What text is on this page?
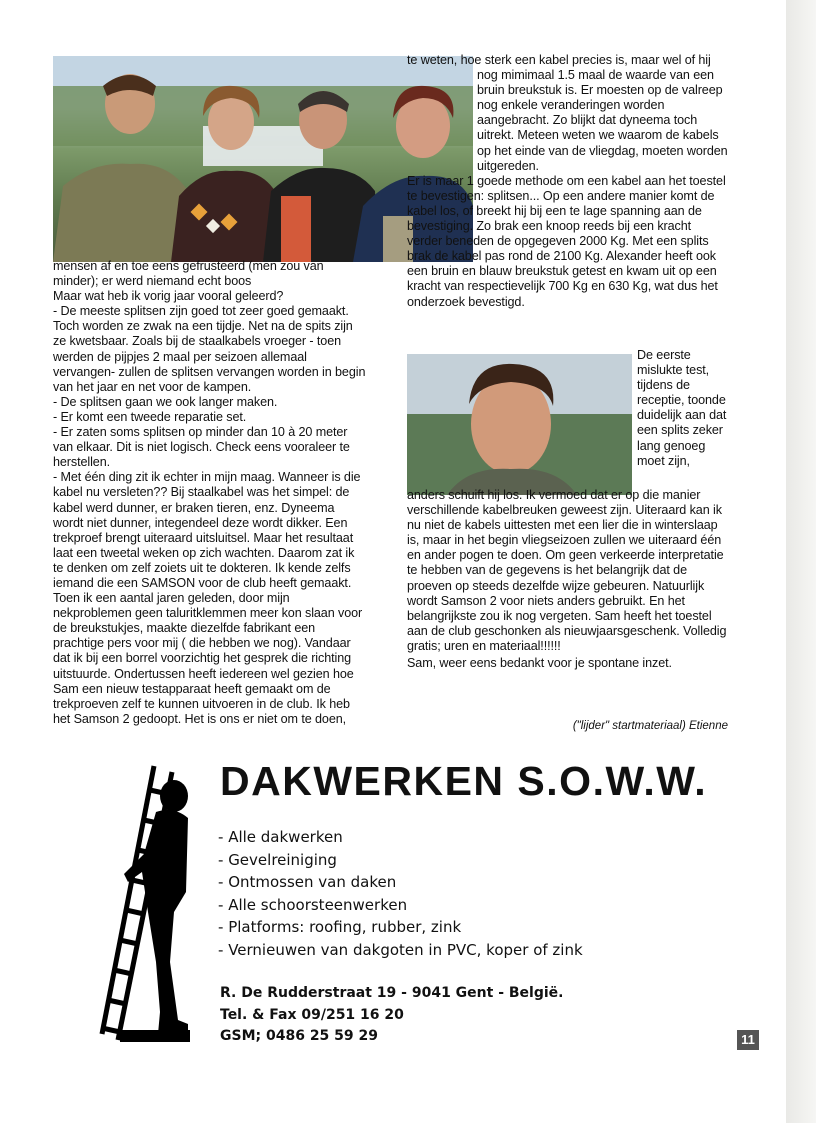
mensen af en toe eens gefrusteerd (men zou van minder); er werd niemand echt boos

Maar wat heb ik vorig jaar vooral geleerd?

- De meeste splitsen zijn goed tot zeer goed gemaakt. Toch worden ze zwak na een tijdje. Net na de spits zijn ze kwetsbaar. Zoals bij de staalkabels vroeger - toen werden de pijpjes 2 maal per seizoen allemaal vervangen- zullen de splitsen vervangen worden in begin van het jaar en net voor de kampen.

- De splitsen gaan we ook langer maken.

- Er komt een tweede reparatie set.

- Er zaten soms splitsen op minder dan 10 à 20 meter van elkaar. Dit is niet logisch. Check eens vooraleer te herstellen.

- Met één ding zit ik echter in mijn maag. Wanneer is die kabel nu versleten?? Bij staalkabel was het simpel: de kabel werd dunner, er braken tieren, enz. Dyneema wordt niet dunner, integendeel deze wordt dikker. Een trekproef brengt uiteraard uitsluitsel. Maar het resultaat laat een tweetal weken op zich wachten. Daarom zat ik te denken om zelf zoiets uit te dokteren. Ik kende zelfs iemand die een SAMSON voor de club heeft gemaakt. Toen ik een aantal jaren geleden, door mijn nekproblemen geen taluritklemmen meer kon slaan voor de breukstukjes, maakte diezelfde fabrikant een prachtige pers voor mij ( die hebben we nog). Vandaar dat ik bij een borrel voorzichtig het gesprek die richting uitstuurde. Ondertussen heeft iedereen wel gezien hoe Sam een nieuw testapparaat heeft gemaakt om de trekproeven zelf te kunnen uitvoeren in de club. Ik heb het Samson 2 gedoopt. Het is ons er niet om te doen,

te weten, hoe sterk een kabel precies is, maar wel of hij nog mimimaal 1.5 maal de waarde van een bruin breukstuk is. Er moesten op de valreep nog enkele veranderingen worden aangebracht. Zo blijkt dat dyneema toch uitrekt. Meteen weten we waarom de kabels op het einde van de vliegdag, moeten worden uitgereden.

Er is maar 1 goede methode om een kabel aan het toestel te bevestigen: splitsen... Op een andere manier komt de kabel los, of breekt hij bij een te lage spanning aan de bevestiging. Zo brak een knoop reeds bij een kracht verder beneden de opgegeven 2000 Kg. Met een splits brak de kabel pas rond de 2100 Kg. Alexander heeft ook een bruin en blauw breukstuk getest en kwam uit op een kracht van respectievelijk 700 Kg en 630 Kg, wat dus het onderzoek bevestigd.

De eerste mislukte test, tijdens de receptie, toonde duidelijk aan dat een splits zeker lang genoeg moet zijn,

anders schuift hij los. Ik vermoed dat er op die manier verschillende kabelbreuken geweest zijn. Uiteraard kan ik nu niet de kabels uittesten met een lier die in winterslaap is, maar in het begin vliegseizoen zullen we uiteraard één en ander pogen te doen. Om geen verkeerde interpretatie te hebben van de gegevens is het belangrijk dat de proeven op steeds dezelfde wijze gebeuren. Natuurlijk wordt Samson 2 voor niets anders gebruikt. En het belangrijkste zou ik nog vergeten. Sam heeft het toestel aan de club geschonken als nieuwjaarsgeschenk. Volledig gratis; uren en materiaal!!!!!!

Sam, weer eens bedankt voor je spontane inzet.

("lijder" startmateriaal) Etienne
DAKWERKEN S.O.W.W.
- Alle dakwerken
- Gevelreiniging
- Ontmossen van daken
- Alle schoorsteenwerken
- Platforms: roofing, rubber, zink
- Vernieuwen van dakgoten in PVC, koper of zink
R. De Rudderstraat 19 - 9041 Gent - België.
Tel. & Fax 09/251 16 20
GSM; 0486 25 59 29	11
